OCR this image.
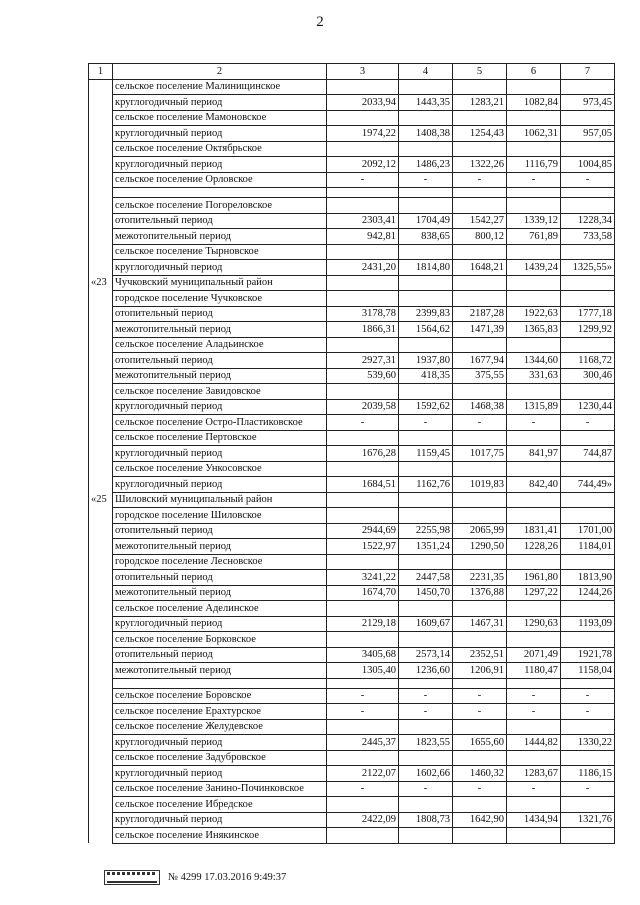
2
1	2	3	4	5	6	7
	сельское поселение Малинищинское					
	круглогодичный период	2033,94	1443,35	1283,21	1082,84	973,45
	сельское поселение Мамоновское					
	круглогодичный период	1974,22	1408,38	1254,43	1062,31	957,05
	сельское поселение Октябрьское					
	круглогодичный период	2092,12	1486,23	1322,26	1116,79	1004,85
	сельское поселение Орловское	-	-	-	-	-

	сельское поселение Погореловское					
	отопительный период	2303,41	1704,49	1542,27	1339,12	1228,34
	межотопительный период	942,81	838,65	800,12	761,89	733,58
	сельское поселение Тырновское					
	круглогодичный период	2431,20	1814,80	1648,21	1439,24	1325,55»
«23	Чучковский муниципальный район					
	городское поселение Чучковское					
	отопительный период	3178,78	2399,83	2187,28	1922,63	1777,18
	межотопительный период	1866,31	1564,62	1471,39	1365,83	1299,92
	сельское поселение Аладьинское					
	отопительный период	2927,31	1937,80	1677,94	1344,60	1168,72
	межотопительный период	539,60	418,35	375,55	331,63	300,46
	сельское поселение Завидовское					
	круглогодичный период	2039,58	1592,62	1468,38	1315,89	1230,44
	сельское поселение Остро-Пластиковское	-	-	-	-	-
	сельское поселение Пертовское					
	круглогодичный период	1676,28	1159,45	1017,75	841,97	744,87
	сельское поселение Ункосовское					
	круглогодичный период	1684,51	1162,76	1019,83	842,40	744,49»
«25	Шиловский муниципальный район					
	городское поселение Шиловское					
	отопительный период	2944,69	2255,98	2065,99	1831,41	1701,00
	межотопительный период	1522,97	1351,24	1290,50	1228,26	1184,01
	городское поселение Лесновское					
	отопительный период	3241,22	2447,58	2231,35	1961,80	1813,90
	межотопительный период	1674,70	1450,70	1376,88	1297,22	1244,26
	сельское поселение Аделинское					
	круглогодичный период	2129,18	1609,67	1467,31	1290,63	1193,09
	сельское поселение Борковское					
	отопительный период	3405,68	2573,14	2352,51	2071,49	1921,78
	межотопительный период	1305,40	1236,60	1206,91	1180,47	1158,04

	сельское поселение Боровское	-	-	-	-	-
	сельское поселение Ерахтурское	-	-	-	-	-
	сельское поселение Желудевское					
	круглогодичный период	2445,37	1823,55	1655,60	1444,82	1330,22
	сельское поселение Задубровское					
	круглогодичный период	2122,07	1602,66	1460,32	1283,67	1186,15
	сельское поселение Занино-Починковское	-	-	-	-	-
	сельское поселение Ибредское					
	круглогодичный период	2422,09	1808,73	1642,90	1434,94	1321,76
	сельское поселение Инякинское					
№ 4299 17.03.2016 9:49:37
